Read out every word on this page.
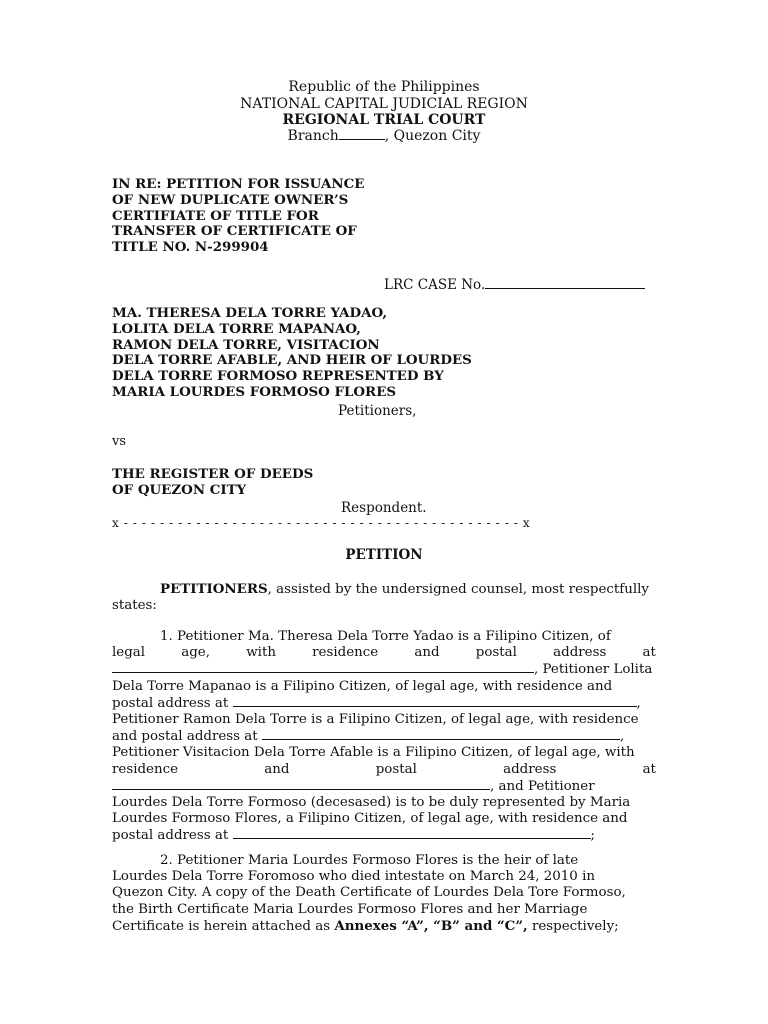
Republic of the Philippines
NATIONAL CAPITAL JUDICIAL REGION
REGIONAL TRIAL COURT
Branch	, Quezon City
IN RE: PETITION FOR ISSUANCE
OF NEW DUPLICATE OWNER’S
CERTIFIATE OF TITLE FOR
TRANSFER OF CERTIFICATE OF
TITLE NO. N-299904
LRC CASE No.
MA. THERESA DELA TORRE YADAO,
LOLITA DELA TORRE MAPANAO,
RAMON DELA TORRE, VISITACION
DELA TORRE AFABLE, AND HEIR OF LOURDES
DELA TORRE FORMOSO REPRESENTED BY
MARIA LOURDES FORMOSO FLORES
Petitioners,
vs
THE REGISTER OF DEEDS
OF QUEZON CITY
Respondent.
x - - - - - - - - - - - - - - - - - - - - - - - - - - - - - - - - - - - - - - - - - - - - x
PETITION
PETITIONERS, assisted by the undersigned counsel, most respectfully
states:
1. Petitioner Ma. Theresa Dela Torre Yadao is a Filipino Citizen, of
legal	age,	with	residence	and	postal	address	at
, Petitioner Lolita
Dela Torre Mapanao is a Filipino Citizen, of legal age, with residence and
postal address at	,
Petitioner Ramon Dela Torre is a Filipino Citizen, of legal age, with residence
and postal address at	,
Petitioner Visitacion Dela Torre Afable is a Filipino Citizen, of legal age, with
residence	and	postal	address	at
, and Petitioner
Lourdes Dela Torre Formoso (decesased) is to be duly represented by Maria
Lourdes Formoso Flores, a Filipino Citizen, of legal age, with residence and
postal address at	;
2. Petitioner Maria Lourdes Formoso Flores is the heir of late
Lourdes Dela Torre Foromoso who died intestate on March 24, 2010 in
Quezon City. A copy of the Death Certificate of Lourdes Dela Tore Formoso,
the Birth Certificate Maria Lourdes Formoso Flores and her Marriage
Certificate is herein attached as Annexes “A”, “B” and “C”, respectively;
